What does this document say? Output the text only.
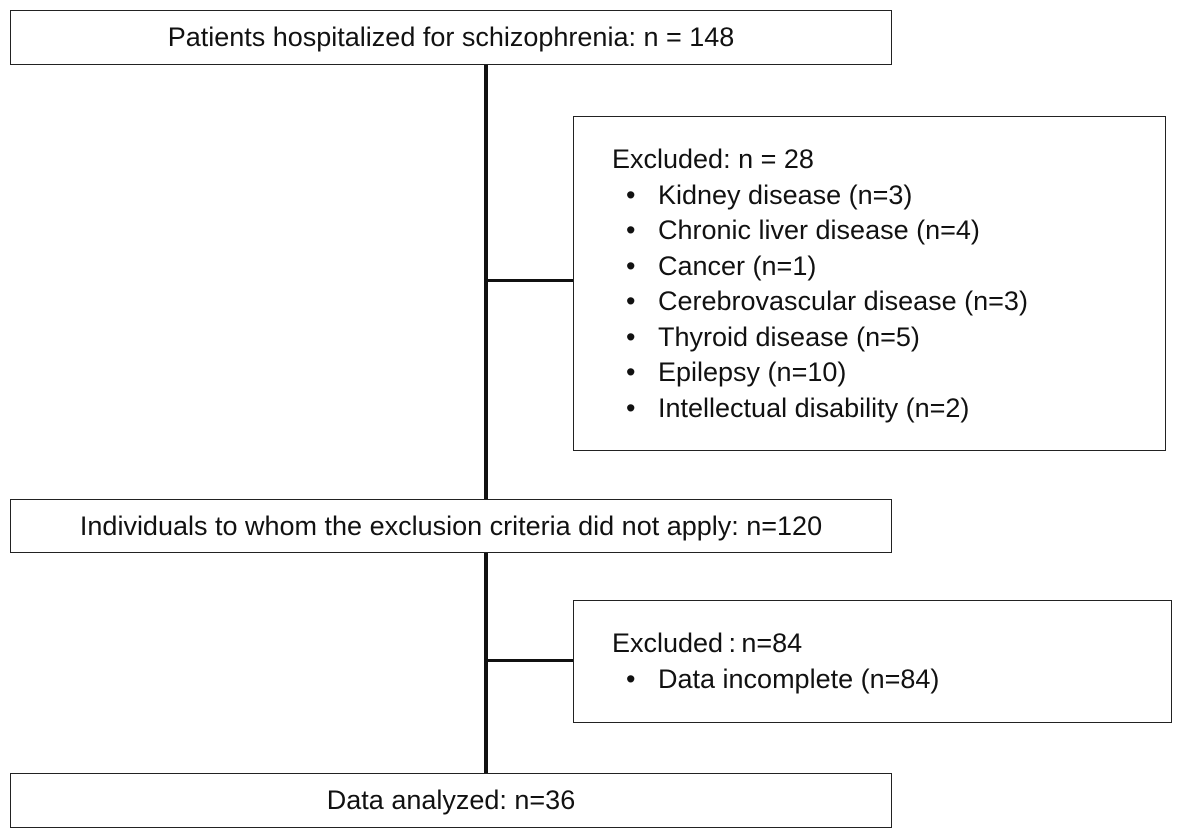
Patients hospitalized for schizophrenia: n = 148
Excluded: n = 28
• Kidney disease (n=3)
• Chronic liver disease (n=4)
• Cancer (n=1)
• Cerebrovascular disease (n=3)
• Thyroid disease (n=5)
• Epilepsy (n=10)
• Intellectual disability (n=2)
Individuals to whom the exclusion criteria did not apply: n=120
Excluded : n=84
• Data incomplete (n=84)
Data analyzed: n=36
